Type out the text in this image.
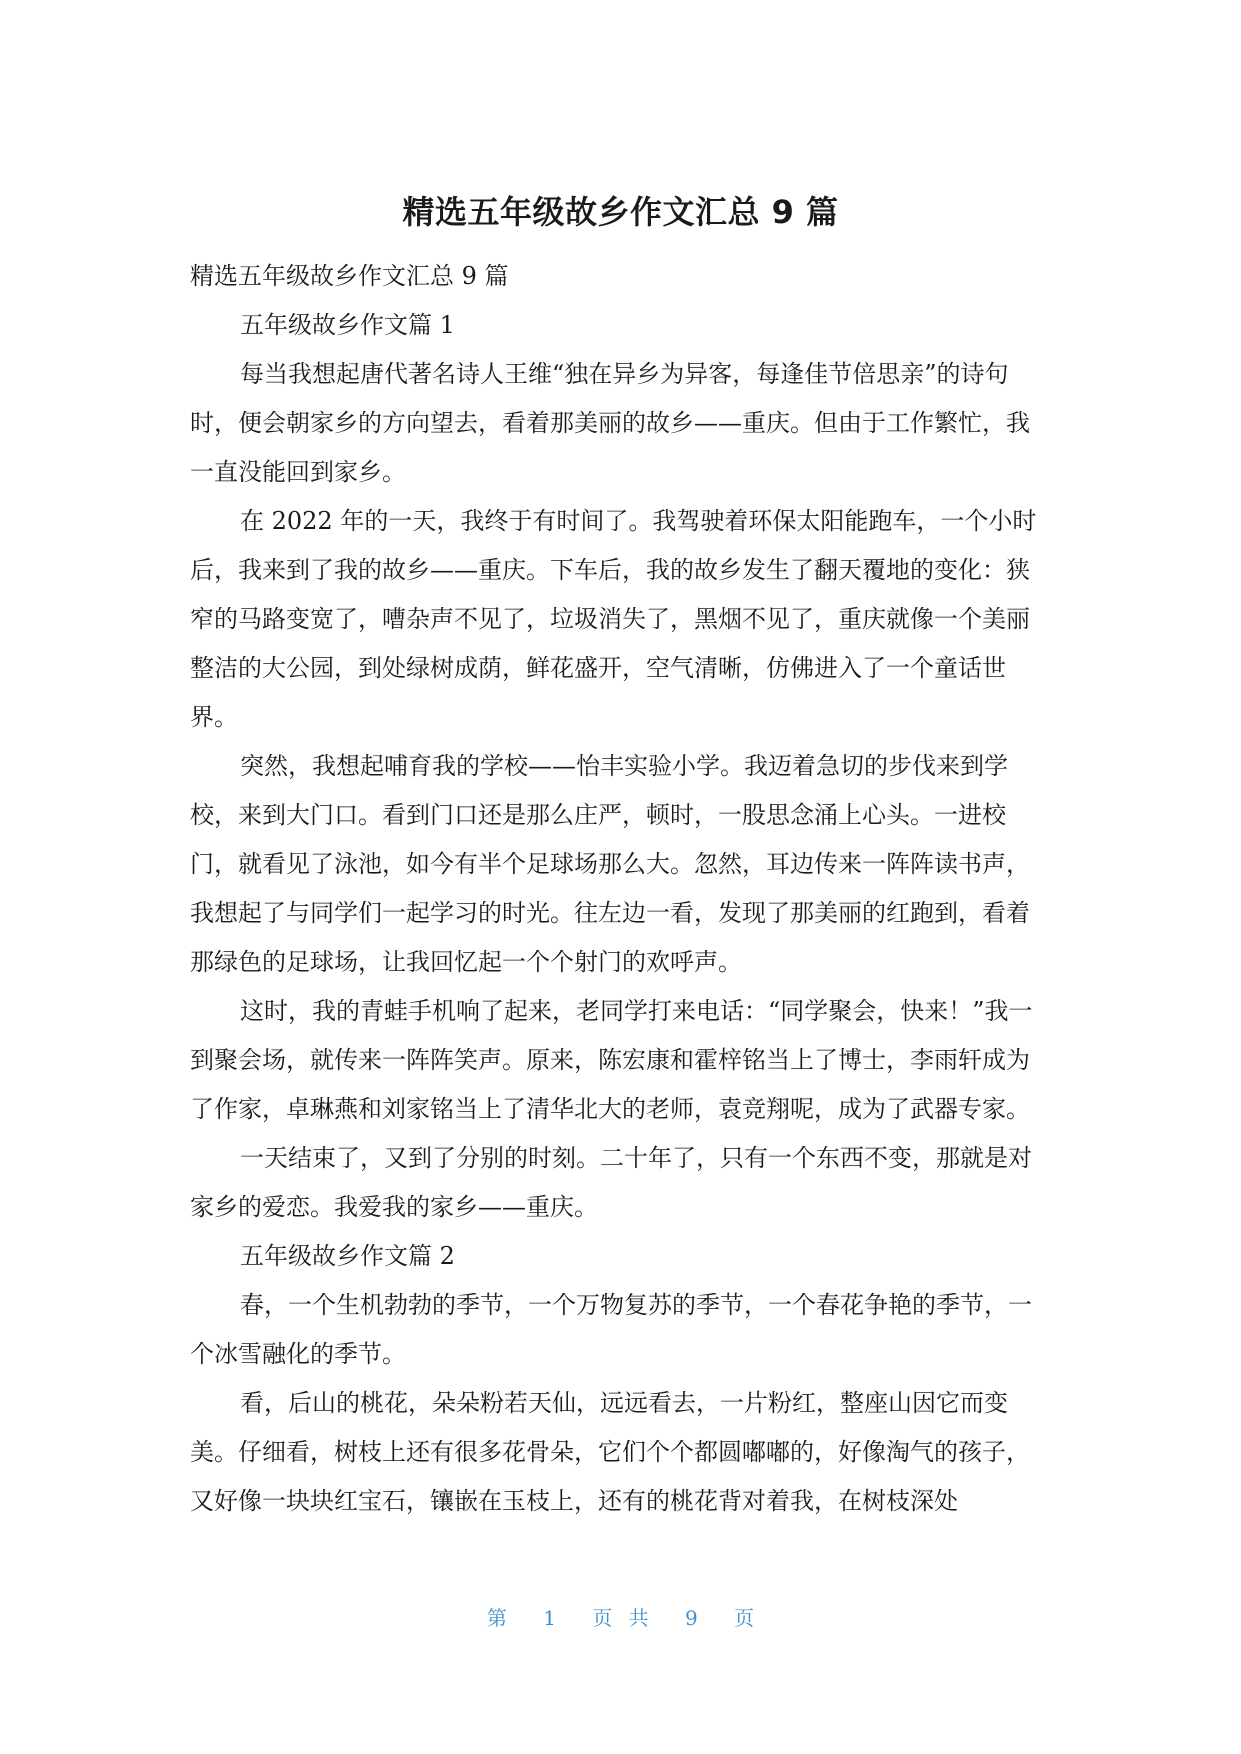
精选五年级故乡作文汇总 9 篇

精选五年级故乡作文汇总 9 篇

五年级故乡作文篇 1

每当我想起唐代著名诗人王维“独在异乡为异客，每逢佳节倍思亲”的诗句时，便会朝家乡的方向望去，看着那美丽的故乡——重庆。但由于工作繁忙，我一直没能回到家乡。

在 2022 年的一天，我终于有时间了。我驾驶着环保太阳能跑车，一个小时后，我来到了我的故乡——重庆。下车后，我的故乡发生了翻天覆地的变化：狭窄的马路变宽了，嘈杂声不见了，垃圾消失了，黑烟不见了，重庆就像一个美丽整洁的大公园，到处绿树成荫，鲜花盛开，空气清晰，仿佛进入了一个童话世界。

突然，我想起哺育我的学校——怡丰实验小学。我迈着急切的步伐来到学校，来到大门口。看到门口还是那么庄严，顿时，一股思念涌上心头。一进校门，就看见了泳池，如今有半个足球场那么大。忽然，耳边传来一阵阵读书声，我想起了与同学们一起学习的时光。往左边一看，发现了那美丽的红跑到，看着那绿色的足球场，让我回忆起一个个射门的欢呼声。

这时，我的青蛙手机响了起来，老同学打来电话：“同学聚会，快来！”我一到聚会场，就传来一阵阵笑声。原来，陈宏康和霍梓铭当上了博士，李雨轩成为了作家，卓琳燕和刘家铭当上了清华北大的老师，袁竞翔呢，成为了武器专家。

一天结束了，又到了分别的时刻。二十年了，只有一个东西不变，那就是对家乡的爱恋。我爱我的家乡——重庆。

五年级故乡作文篇 2

春，一个生机勃勃的季节，一个万物复苏的季节，一个春花争艳的季节，一个冰雪融化的季节。

看，后山的桃花，朵朵粉若天仙，远远看去，一片粉红，整座山因它而变美。仔细看，树枝上还有很多花骨朵，它们个个都圆嘟嘟的，好像淘气的孩子，又好像一块块红宝石，镶嵌在玉枝上，还有的桃花背对着我，在树枝深处

第 1 页 共 9 页
